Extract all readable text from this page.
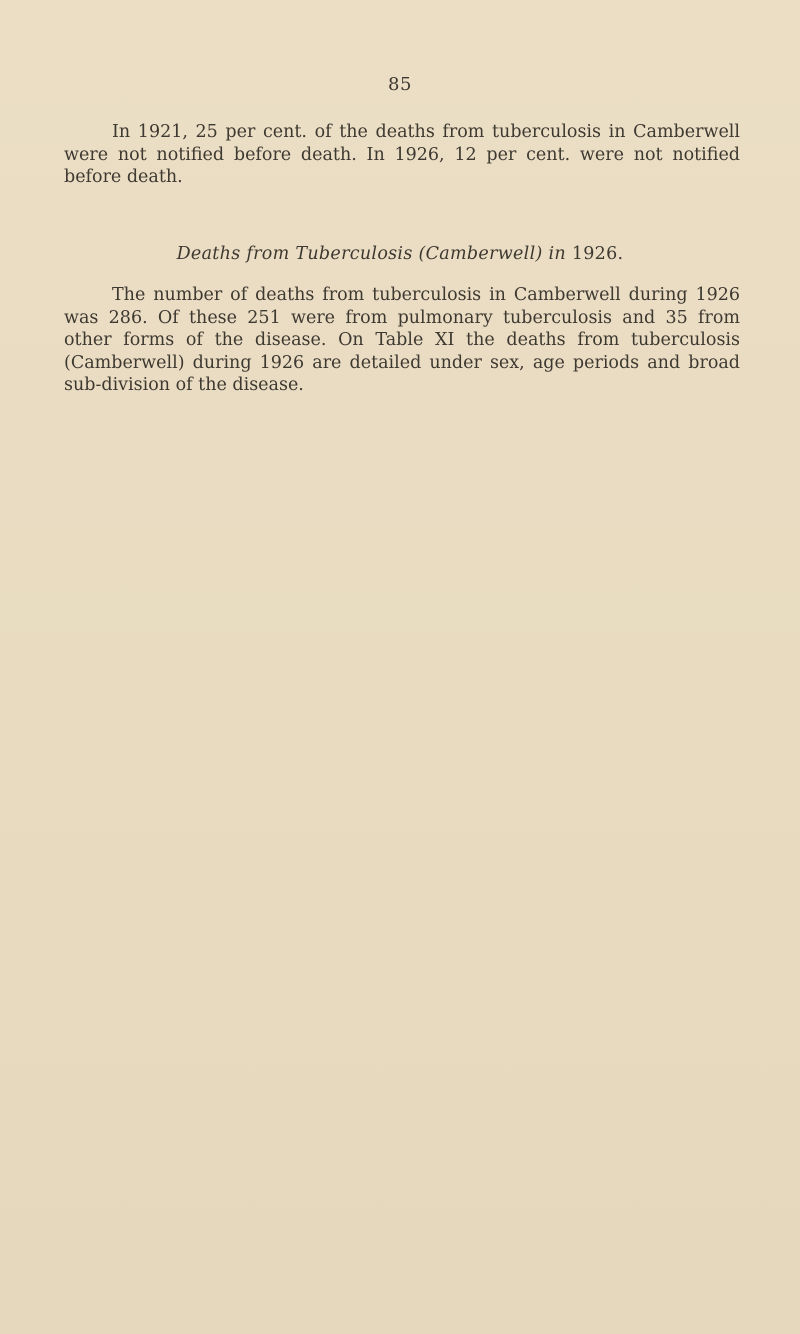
85

In 1921, 25 per cent. of the deaths from tuberculosis in Camberwell were not notified before death. In 1926, 12 per cent. were not notified before death.

Deaths from Tuberculosis (Camberwell) in 1926.

The number of deaths from tuberculosis in Camberwell during 1926 was 286. Of these 251 were from pulmonary tuberculosis and 35 from other forms of the disease. On Table XI the deaths from tuberculosis (Camberwell) during 1926 are detailed under sex, age periods and broad sub-division of the disease.
